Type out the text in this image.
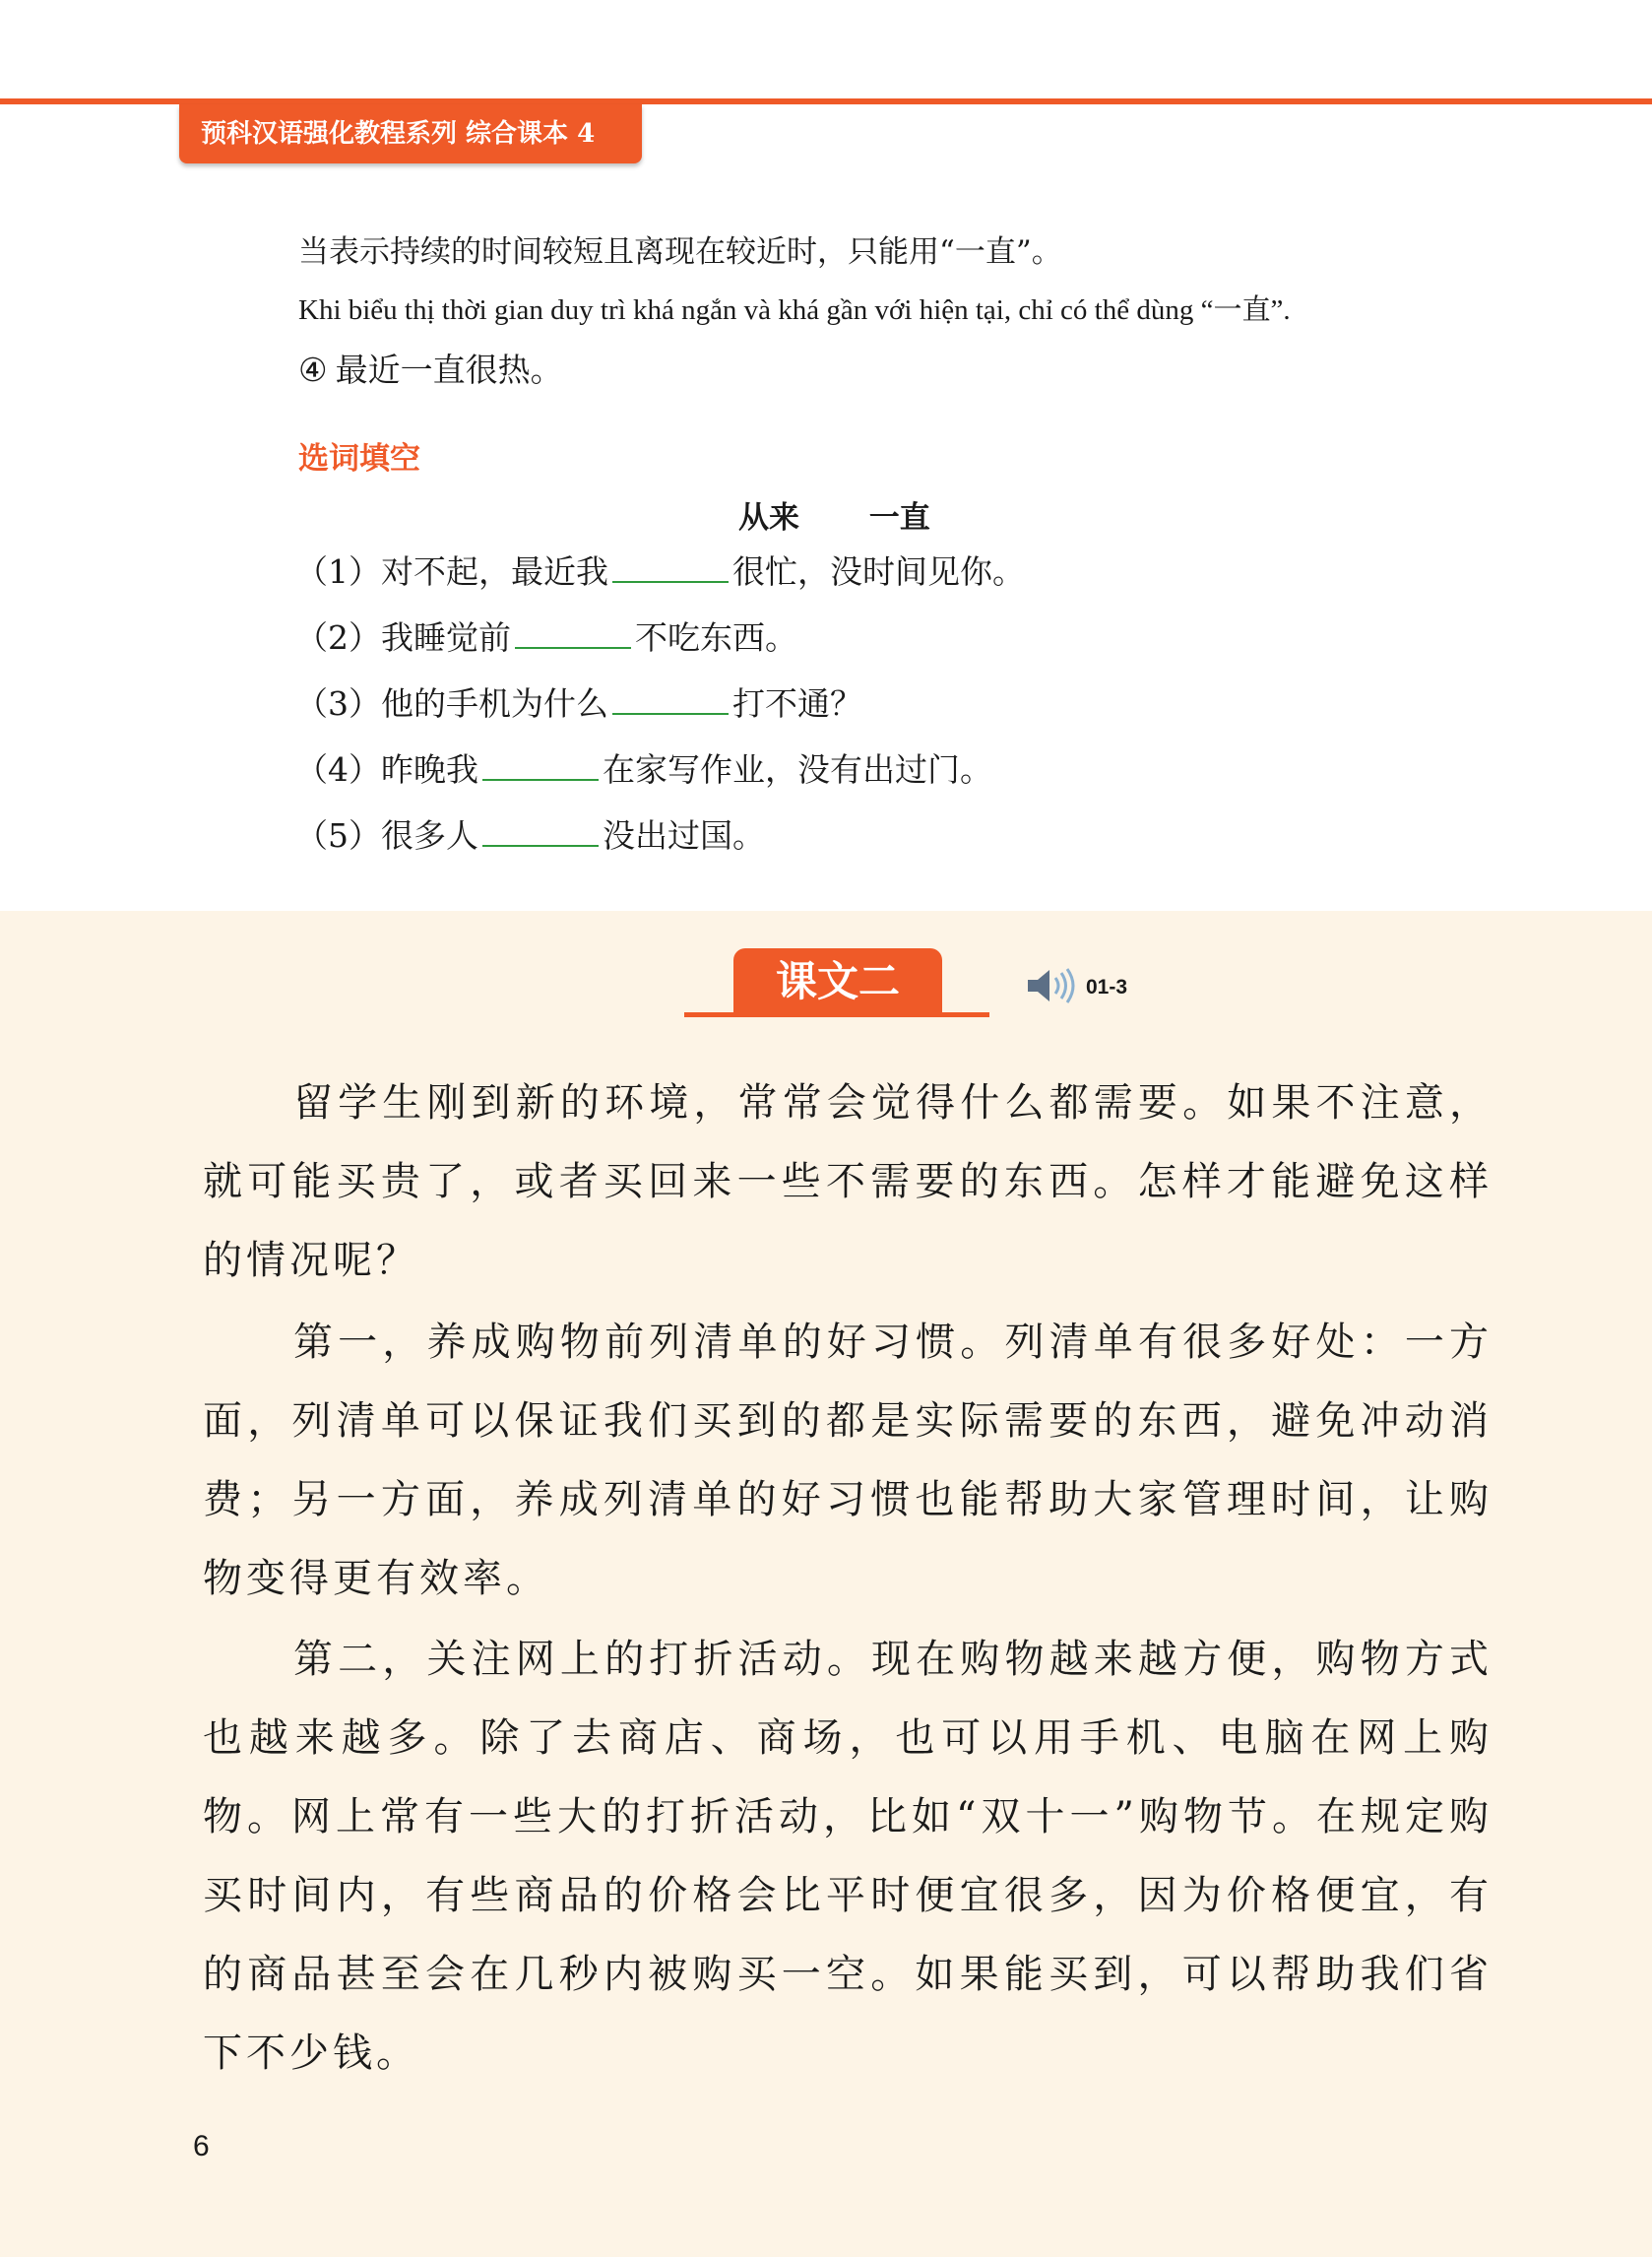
预科汉语强化教程系列 综合课本 4
当表示持续的时间较短且离现在较近时，只能用“一直”。
Khi biểu thị thời gian duy trì khá ngắn và khá gần với hiện tại, chỉ có thể dùng “一直”.
④ 最近一直很热。
选词填空
从来 一直
（1）对不起，最近我	很忙，没时间见你。
（2）我睡觉前	不吃东西。
（3）他的手机为什么	打不通？
（4）昨晚我	在家写作业，没有出过门。
（5）很多人	没出过国。
课文二	01-3
留学生刚到新的环境，常常会觉得什么都需要。如果不注意，就可能买贵了，或者买回来一些不需要的东西。怎样才能避免这样的情况呢？
第一，养成购物前列清单的好习惯。列清单有很多好处：一方面，列清单可以保证我们买到的都是实际需要的东西，避免冲动消费；另一方面，养成列清单的好习惯也能帮助大家管理时间，让购物变得更有效率。
第二，关注网上的打折活动。现在购物越来越方便，购物方式也越来越多。除了去商店、商场，也可以用手机、电脑在网上购物。网上常有一些大的打折活动，比如“双十一”购物节。在规定购买时间内，有些商品的价格会比平时便宜很多，因为价格便宜，有的商品甚至会在几秒内被购买一空。如果能买到，可以帮助我们省下不少钱。
6
